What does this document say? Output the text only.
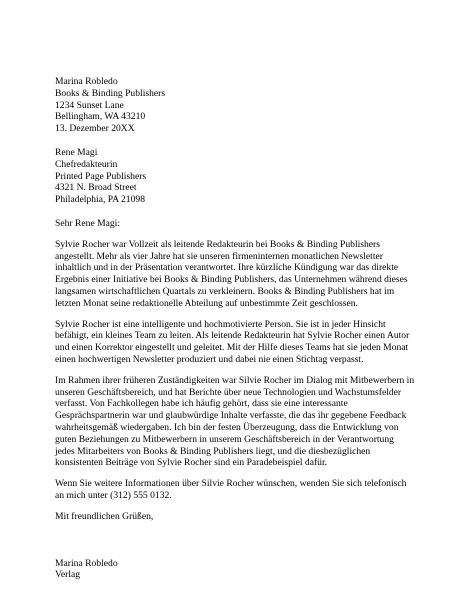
Marina Robledo
Books & Binding Publishers
1234 Sunset Lane
Bellingham, WA 43210
13. Dezember 20XX
Rene Magi
Chefredakteurin
Printed Page Publishers
4321 N. Broad Street
Philadelphia, PA 21098
Sehr Rene Magi:
Sylvie Rocher war Vollzeit als leitende Redakteurin bei Books & Binding Publishers
angestellt. Mehr als vier Jahre hat sie unseren firmeninternen monatlichen Newsletter
inhaltlich und in der Präsentation verantwortet. Ihre kürzliche Kündigung war das direkte
Ergebnis einer Initiative bei Books & Binding Publishers, das Unternehmen während dieses
langsamen wirtschaftlichen Quartals zu verkleinern. Books & Binding Publishers hat im
letzten Monat seine redaktionelle Abteilung auf unbestimmte Zeit geschlossen.
Sylvie Rocher ist eine intelligente und hochmotivierte Person. Sie ist in jeder Hinsicht
befähigt, ein kleines Team zu leiten. Als leitende Redakteurin hat Sylvie Rocher einen Autor
und einen Korrektor eingestellt und geleitet. Mit der Hilfe dieses Teams hat sie jeden Monat
einen hochwertigen Newsletter produziert und dabei nie einen Stichtag verpasst.
Im Rahmen ihrer früheren Zuständigkeiten war Silvie Rocher im Dialog mit Mitbewerbern in
unseren Geschäftsbereich, und hat Berichte über neue Technologien und Wachstumsfelder
verfasst. Von Fachkollegen habe ich häufig gehört, dass sie eine interessante
Gesprächspartnerin war und glaubwürdige Inhalte verfasste, die das ihr gegebene Feedback
wahrheitsgemäß wiedergaben. Ich bin der festen Überzeugung, dass die Entwicklung von
guten Beziehungen zu Mitbewerbern in unserem Geschäftsbereich in der Verantwortung
jedes Mitarbeiters von Books & Binding Publishers liegt, und die diesbezüglichen
konsistenten Beiträge von Sylvie Rocher sind ein Paradebeispiel dafür.
Wenn Sie weitere Informationen über Silvie Rocher wünschen, wenden Sie sich telefonisch
an mich unter (312) 555 0132.
Mit freundlichen Grüßen,
Marina Robledo
Verlag
